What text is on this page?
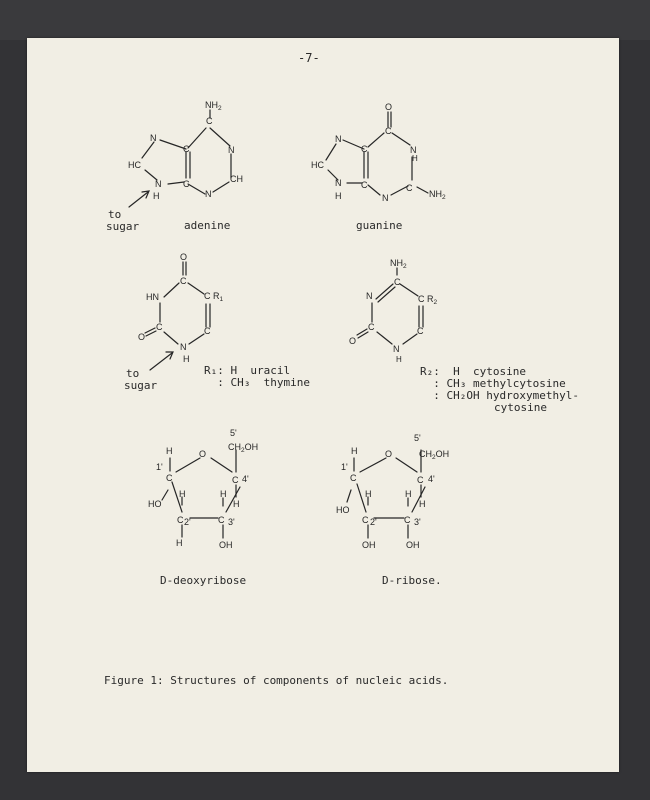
-7-
$NH_2$
C
N
CH
N
C
C
N
HC
N
H
O
C
N
H
C
$NH_2$
N
C
C
N
HC
N
H
O
C
C $R_1$
C
N
H
C
O
HN
$NH_2$
C
C $R_2$
C
N
H
C
O
N
O
5'
$CH_2OH$
H
1'
C
HO
C 4'
H
H
C 2'
H
H
C 3'
OH
O
5'
$CH_2OH$
H
1'
C
HO
C 4'
H
H
C 2'
OH
H
C 3'
OH
to
sugar	adenine	guanine
to
sugar
R₁: H  uracil
: CH₃  thymine
R₂:  H  cytosine
: CH₃ methylcytosine
: CH₂OH hydroxymethyl-
cytosine
D-deoxyribose	D-ribose.
Figure 1: Structures of components of nucleic acids.
